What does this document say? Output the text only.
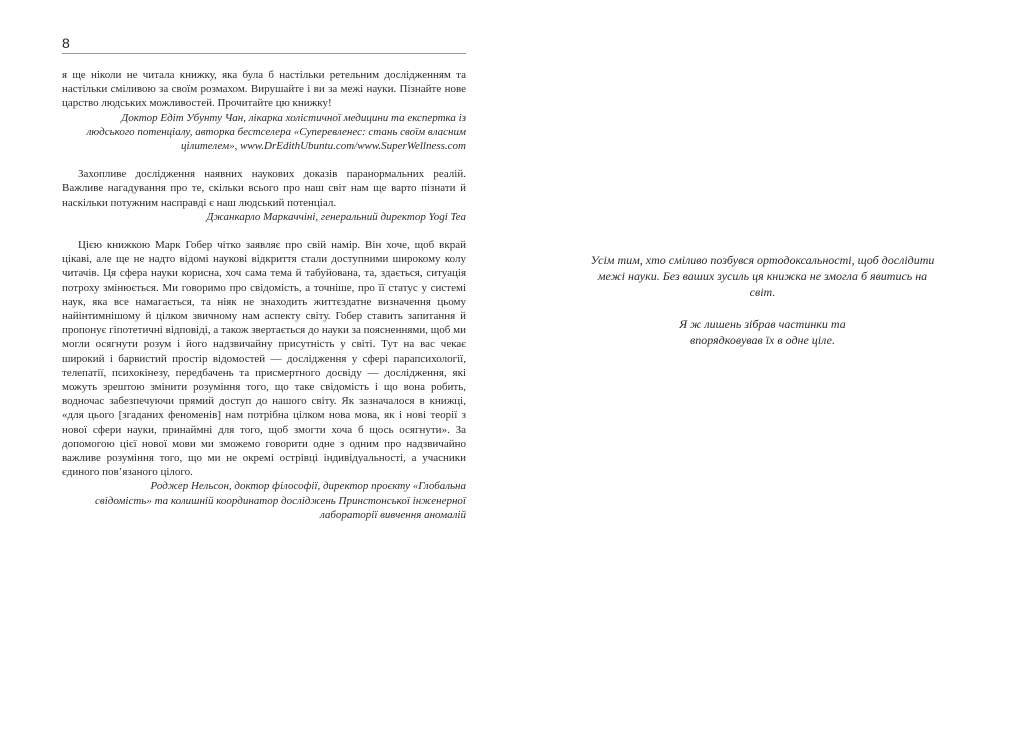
8

я ще ніколи не читала книжку, яка була б настільки ретельним дослідженням та настільки сміливою за своїм розмахом. Вирушайте і ви за межі науки. Пізнайте нове царство людських можливостей. Прочитайте цю книжку!

Доктор Едіт Убунту Чан, лікарка холістичної медицини та експертка із людського потенціалу, авторка бестселера «Суперевленес: стань своїм власним цілителем», www.DrEdithUbuntu.com/www.SuperWellness.com

Захопливе дослідження наявних наукових доказів паранормальних реалій. Важливе нагадування про те, скільки всього про наш світ нам ще варто пізнати й наскільки потужним насправді є наш людський потенціал.

Джанкарло Маркаччіні, генеральний директор Yogi Tea

Цією книжкою Марк Гобер чітко заявляє про свій намір. Він хоче, щоб вкрай цікаві, але ще не надто відомі наукові відкриття стали доступними широкому колу читачів. Ця сфера науки корисна, хоч сама тема й табуйована, та, здається, ситуація потроху змінюється. Ми говоримо про свідомість, а точніше, про її статус у системі наук, яка все намагається, та ніяк не знаходить життєздатне визначення цьому найінтимнішому й цілком звичному нам аспекту світу. Гобер ставить запитання й пропонує гіпотетичні відповіді, а також звертається до науки за поясненнями, щоб ми могли осягнути розум і його надзвичайну присутність у світі. Тут на вас чекає широкий і барвистий простір відомостей — дослідження у сфері парапсихології, телепатії, психокінезу, передбачень та присмертного досвіду — дослідження, які можуть зрештою змінити розуміння того, що таке свідомість і що вона робить, водночас забезпечуючи прямий доступ до нашого світу. Як зазначалося в книжці, «для цього [згаданих феноменів] нам потрібна цілком нова мова, як і нові теорії з нової сфери науки, принаймні для того, щоб змогти хоча б щось осягнути». За допомогою цієї нової мови ми зможемо говорити одне з одним про надзвичайно важливе розуміння того, що ми не окремі острівці індивідуальності, а учасники єдиного пов’язаного цілого.

Роджер Нельсон, доктор філософії, директор проєкту «Глобальна свідомість» та колишній координатор досліджень Принстонської інженерної лабораторії вивчення аномалій

Усім тим, хто сміливо позбувся ортодоксальності, щоб дослідити межі науки. Без ваших зусиль ця книжка не змогла б явитись на світ.

Я ж лишень зібрав частинки та впорядковував їх в одне ціле.
